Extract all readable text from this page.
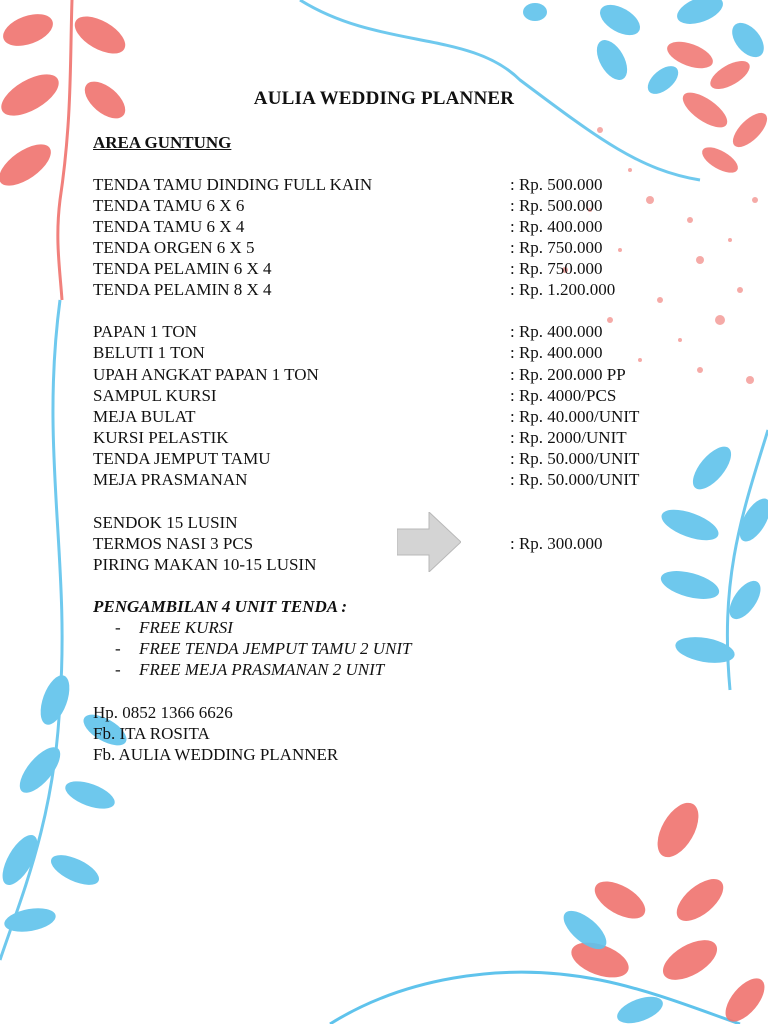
AULIA WEDDING PLANNER
AREA GUNTUNG
TENDA TAMU DINDING FULL KAIN	: Rp. 500.000
TENDA TAMU 6 X 6	: Rp. 500.000
TENDA TAMU 6 X 4	: Rp. 400.000
TENDA ORGEN 6 X 5	: Rp. 750.000
TENDA PELAMIN 6 X 4	: Rp. 750.000
TENDA PELAMIN 8 X 4	: Rp. 1.200.000
PAPAN 1 TON	: Rp. 400.000
BELUTI 1 TON	: Rp. 400.000
UPAH ANGKAT PAPAN 1 TON	: Rp. 200.000 PP
SAMPUL KURSI	: Rp. 4000/PCS
MEJA BULAT	: Rp. 40.000/UNIT
KURSI PELASTIK	: Rp. 2000/UNIT
TENDA JEMPUT TAMU	: Rp. 50.000/UNIT
MEJA PRASMANAN	: Rp. 50.000/UNIT
SENDOK 15 LUSIN
TERMOS NASI 3 PCS	: Rp. 300.000
PIRING MAKAN 10-15 LUSIN
PENGAMBILAN 4 UNIT TENDA :
- FREE KURSI
- FREE TENDA JEMPUT TAMU 2 UNIT
- FREE MEJA PRASMANAN 2 UNIT
Hp. 0852 1366 6626
Fb. ITA ROSITA
Fb. AULIA WEDDING PLANNER
